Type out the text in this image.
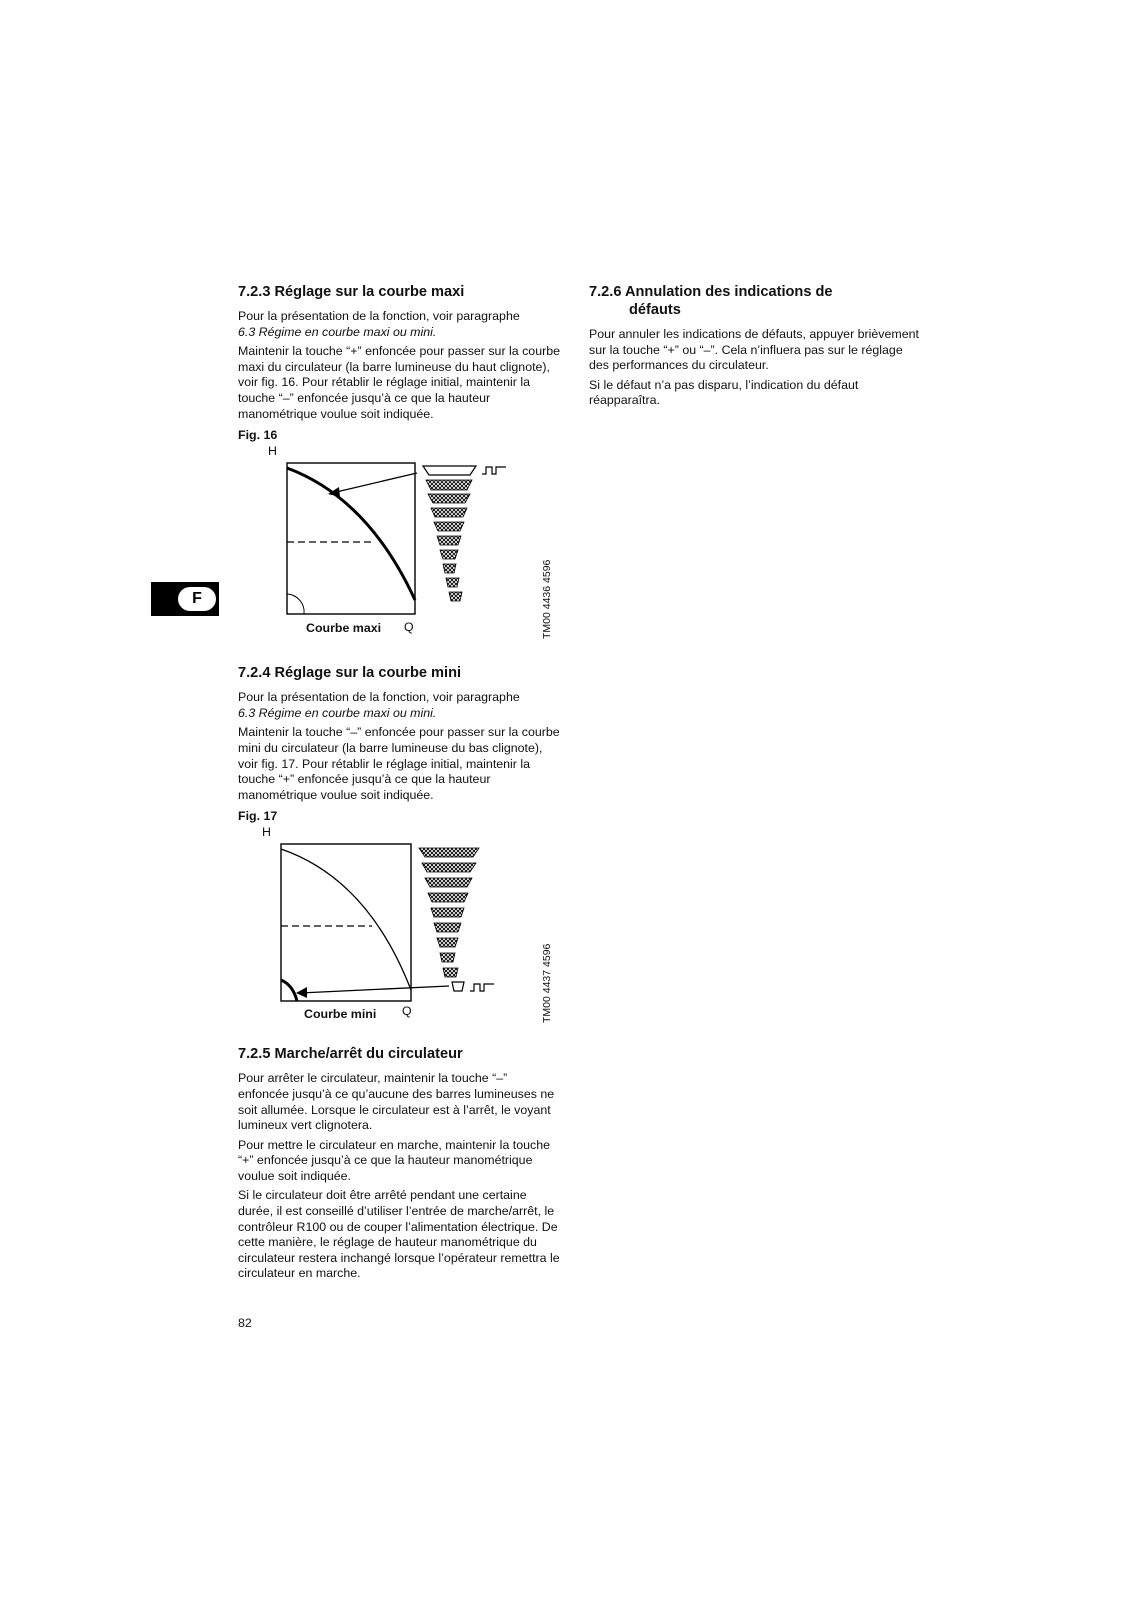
F
7.2.3 Réglage sur la courbe maxi

Pour la présentation de la fonction, voir paragraphe
6.3 Régime en courbe maxi ou mini.

Maintenir la touche “+” enfoncée pour passer sur la courbe maxi du circulateur (la barre lumineuse du haut clignote), voir fig. 16. Pour rétablir le réglage initial, maintenir la touche “–” enfoncée jusqu’à ce que la hauteur manométrique voulue soit indiquée.

Fig. 16
H
Courbe maxi Q	TM00 4436 4596
7.2.4 Réglage sur la courbe mini

Pour la présentation de la fonction, voir paragraphe
6.3 Régime en courbe maxi ou mini.

Maintenir la touche “–” enfoncée pour passer sur la courbe mini du circulateur (la barre lumineuse du bas clignote), voir fig. 17. Pour rétablir le réglage initial, maintenir la touche “+” enfoncée jusqu’à ce que la hauteur manométrique voulue soit indiquée.

Fig. 17
H
Courbe mini Q	TM00 4437 4596
7.2.5 Marche/arrêt du circulateur

Pour arrêter le circulateur, maintenir la touche “–” enfoncée jusqu’à ce qu’aucune des barres lumineuses ne soit allumée. Lorsque le circulateur est à l’arrêt, le voyant lumineux vert clignotera.

Pour mettre le circulateur en marche, maintenir la touche “+” enfoncée jusqu’à ce que la hauteur manométrique voulue soit indiquée.

Si le circulateur doit être arrêté pendant une certaine durée, il est conseillé d’utiliser l’entrée de marche/arrêt, le contrôleur R100 ou de couper l’alimentation électrique. De cette manière, le réglage de hauteur manométrique du circulateur restera inchangé lorsque l’opérateur remettra le circulateur en marche.

7.2.6 Annulation des indications de
défauts

Pour annuler les indications de défauts, appuyer brièvement sur la touche “+” ou “–”. Cela n’influera pas sur le réglage des performances du circulateur.

Si le défaut n’a pas disparu, l’indication du défaut réapparaîtra.

82
